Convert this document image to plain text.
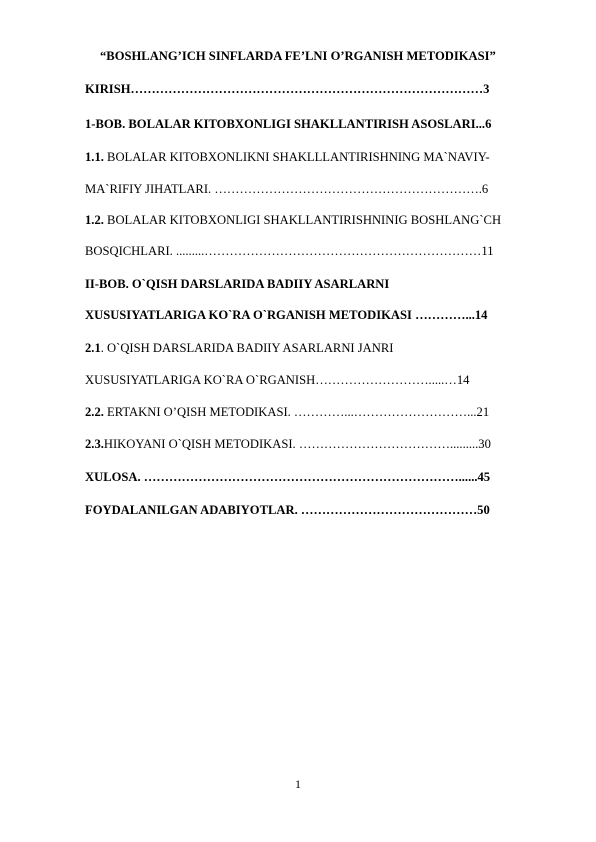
“BOSHLANG’ICH SINFLARDA FE’LNI O’RGANISH METODIKASI”
KIRISH…………………………………………………………………………3
1-BOB. BOLALAR KITOBXONLIGI SHAKLLANTIRISH ASOSLARI...6
1.1. BOLALAR KITOBXONLIKNI SHAKLLLANTIRISHNING MA`NAVIY-
MA`RIFIY JIHATLARI. ……………………………………………………….6
1.2. BOLALAR KITOBXONLIGI SHAKLLANTIRISHNINIG BOSHLANG`CH
BOSQICHLARI. .........…………………………………………………………11
II-BOB. O`QISH DARSLARIDA BADIIY ASARLARNI
XUSUSIYATLARIGA KO`RA O`RGANISH METODIKASI …………...14
2.1. O`QISH DARSLARIDA BADIIY ASARLARNI JANRI
XUSUSIYATLARIGA KO`RA O`RGANISH……………………….....…14
2.2. ERTAKNI O’QISH METODIKASI. …………...………………………...21
2.3.HIKOYANI O`QISH METODIKASI. ……………………………….........30
XULOSA. …………………………………………………………………......45
FOYDALANILGAN ADABIYOTLAR. ……………………………………50
1
